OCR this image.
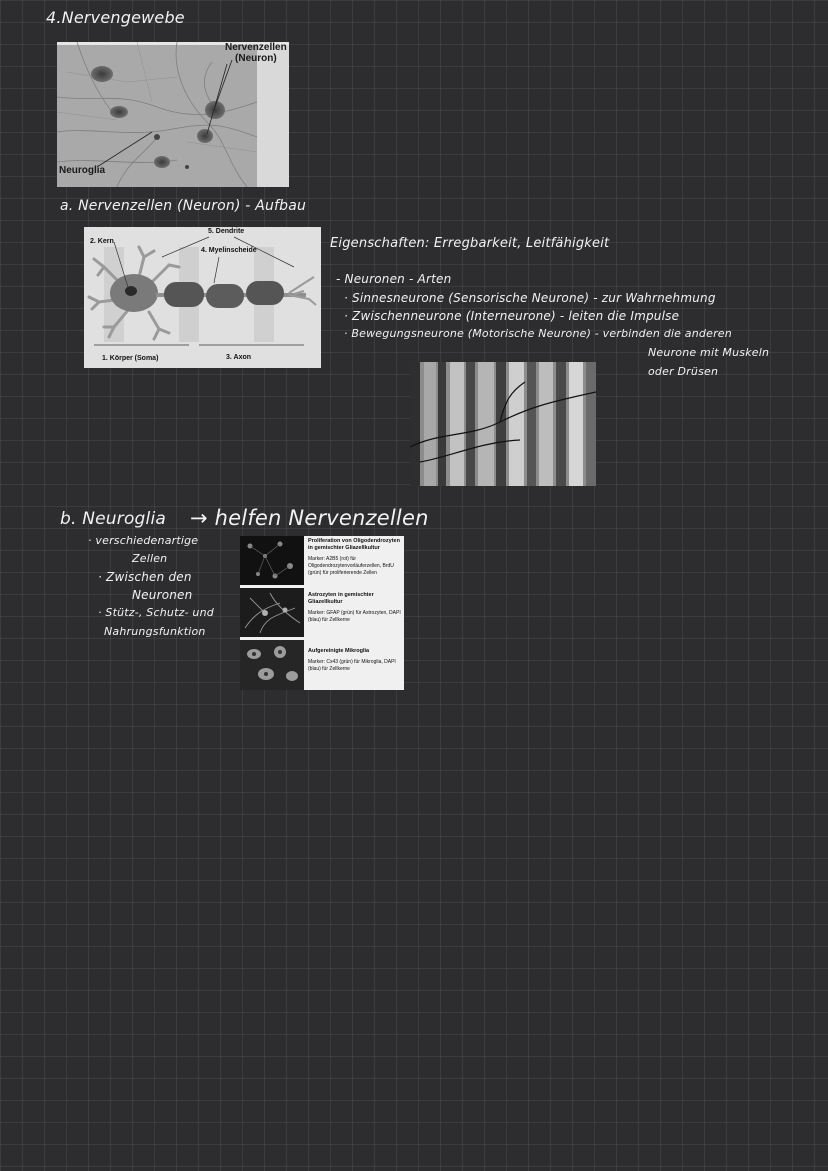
4.Nervengewebe
Nervenzellen
(Neuron)
Neuroglia
a. Nervenzellen (Neuron) - Aufbau
5. Dendrite
2. Kern
4. Myelinscheide
1. Körper (Soma)	3. Axon
Eigenschaften: Erregbarkeit, Leitfähigkeit
- Neuronen - Arten
· Sinnesneurone (Sensorische Neurone) - zur Wahrnehmung
· Zwischenneurone (Interneurone) - leiten die Impulse
· Bewegungsneurone (Motorische Neurone) - verbinden die anderen
Neurone mit Muskeln
oder Drüsen
b. Neuroglia → helfen Nervenzellen
· verschiedenartige
Zellen
· Zwischen den
Neuronen
· Stütz-, Schutz- und
Nahrungsfunktion
Proliferation von Oligodendrozyten in gemischter Gliazellkultur
Marker: A2B5 (rot) für Oligodendrozytenvorläuferzellen, BrdU (grün) für proliferierende Zellen
Astrozyten in gemischter Gliazellkultur
Marker: GFAP (grün) für Astrozyten, DAPI (blau) für Zellkerne
Aufgereinigte Mikroglia
Marker: Cx43 (grün) für Mikroglia, DAPI (blau) für Zellkerne
